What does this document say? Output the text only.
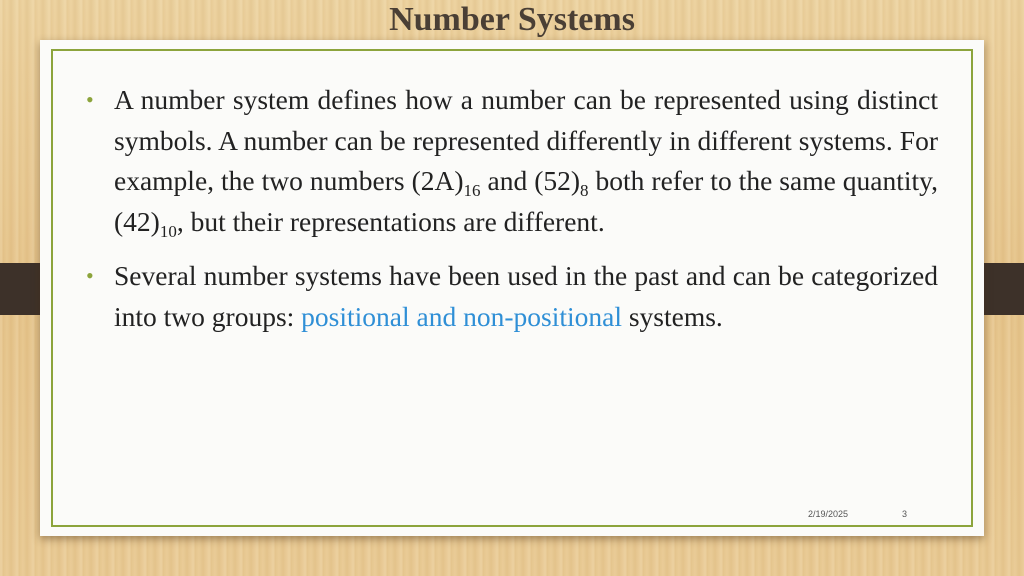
Number Systems

• A number system defines how a number can be represented using distinct symbols. A number can be represented differently in different systems. For example, the two numbers $(2A)_{16}$ and $(52)_8$ both refer to the same quantity, $(42)_{10}$, but their representations are different.

• Several number systems have been used in the past and can be categorized into two groups: positional and non-positional systems.

2/19/2025	3
